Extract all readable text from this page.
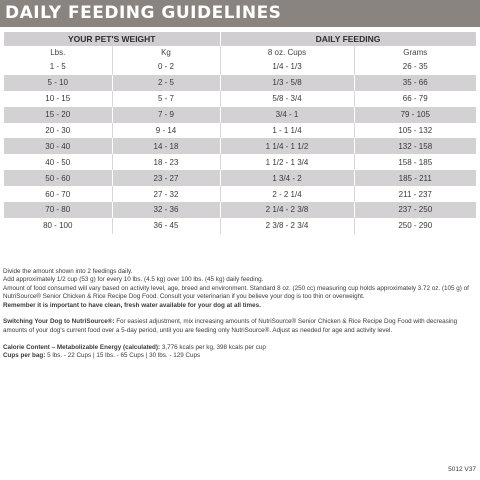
DAILY FEEDING GUIDELINES
YOUR PET'S WEIGHT		DAILY FEEDING	
Lbs.	Kg	8 oz. Cups	Grams
1 - 5	0 - 2	1/4 - 1/3	26 - 35
5 - 10	2 - 5	1/3 - 5/8	35 - 66
10 - 15	5 - 7	5/8 - 3/4	66 - 79
15 - 20	7 - 9	3/4 - 1	79 - 105
20 - 30	9 - 14	1 - 1 1/4	105 - 132
30 - 40	14 - 18	1 1/4 - 1 1/2	132 - 158
40 - 50	18 - 23	1 1/2 - 1 3/4	158 - 185
50 - 60	23 - 27	1 3/4 - 2	185 - 211
60 - 70	27 - 32	2 - 2 1/4	211 - 237
70 - 80	32 - 36	2 1/4 - 2 3/8	237 - 250
80 - 100	36 - 45	2 3/8 - 2 3/4	250 - 290

Divide the amount shown into 2 feedings daily.

Add approximately 1/2 cup (53 g) for every 10 lbs. (4.5 kg) over 100 lbs. (45 kg) daily feeding.

Amount of food consumed will vary based on activity level, age, breed and environment. Standard 8 oz. (250 cc) measuring cup holds approximately 3.72 oz. (105 g) of NutriSource® Senior Chicken & Rice Recipe Dog Food. Consult your veterinarian if you believe your dog is too thin or overweight.

Remember it is important to have clean, fresh water available for your dog at all times.

Switching Your Dog to NutriSource®: For easiest adjustment, mix increasing amounts of NutriSource® Senior Chicken & Rice Recipe Dog Food with decreasing amounts of your dog's current food over a 5-day period, until you are feeding only NutriSource®. Adjust as needed for age and activity level.

Calorie Content – Metabolizable Energy (calculated): 3,776 kcals per kg, 398 kcals per cup

Cups per bag: 5 lbs. - 22 Cups | 15 lbs. - 65 Cups | 30 lbs. - 129 Cups

5012 V37
